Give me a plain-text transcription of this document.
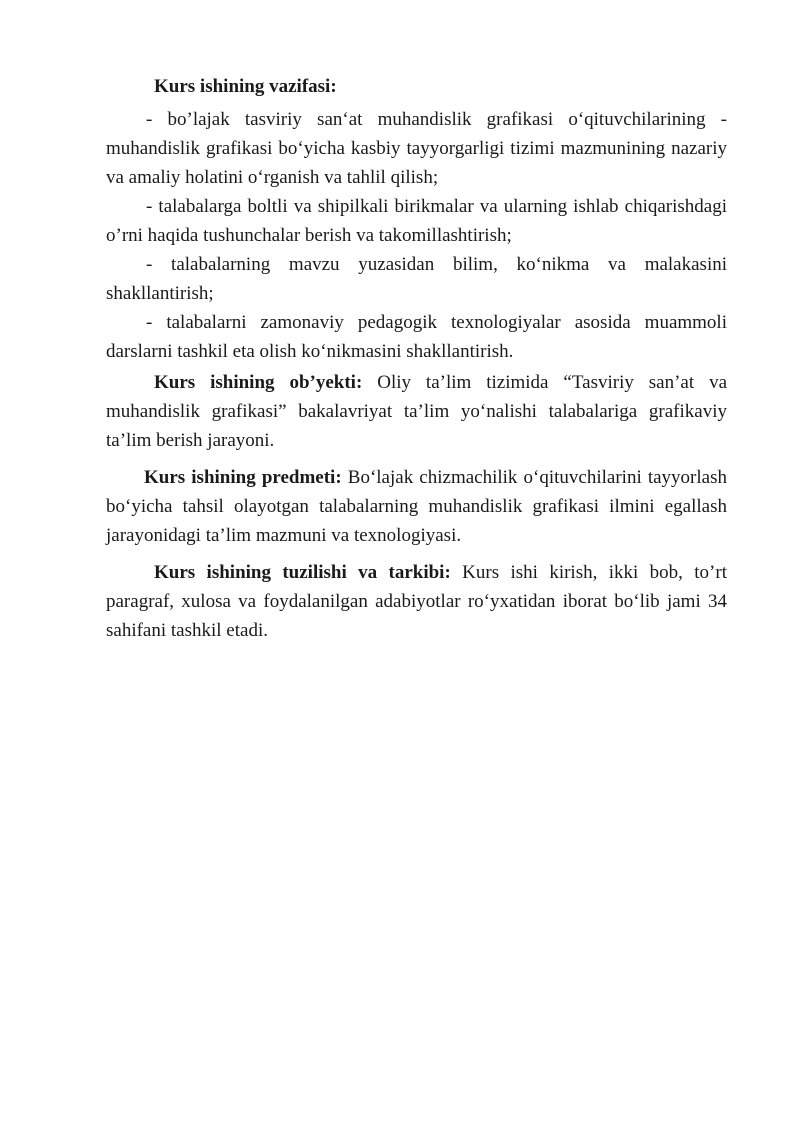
Kurs ishining vazifasi:

- bo’lajak tasviriy san‘at muhandislik grafikasi o‘qituvchilarining - muhandislik grafikasi bo‘yicha kasbiy tayyorgarligi tizimi mazmunining nazariy va amaliy holatini o‘rganish va tahlil qilish;

- talabalarga boltli va shipilkali birikmalar va ularning ishlab chiqarishdagi o’rni haqida tushunchalar berish va takomillashtirish;

- talabalarning mavzu yuzasidan bilim, ko‘nikma va malakasini shakllantirish;

- talabalarni zamonaviy pedagogik texnologiyalar asosida muammoli darslarni tashkil eta olish ko‘nikmasini shakllantirish.

Kurs ishining ob’yekti: Oliy ta’lim tizimida “Tasviriy san’at va muhandislik grafikasi” bakalavriyat ta’lim yo‘nalishi talabalariga grafikaviy ta’lim berish jarayoni.

Kurs ishining predmeti: Bo‘lajak chizmachilik o‘qituvchilarini tayyorlash bo‘yicha tahsil olayotgan talabalarning muhandislik grafikasi ilmini egallash jarayonidagi ta’lim mazmuni va texnologiyasi.

Kurs ishining tuzilishi va tarkibi: Kurs ishi kirish, ikki bob, to’rt paragraf, xulosa va foydalanilgan adabiyotlar ro‘yxatidan iborat bo‘lib jami 34 sahifani tashkil etadi.
